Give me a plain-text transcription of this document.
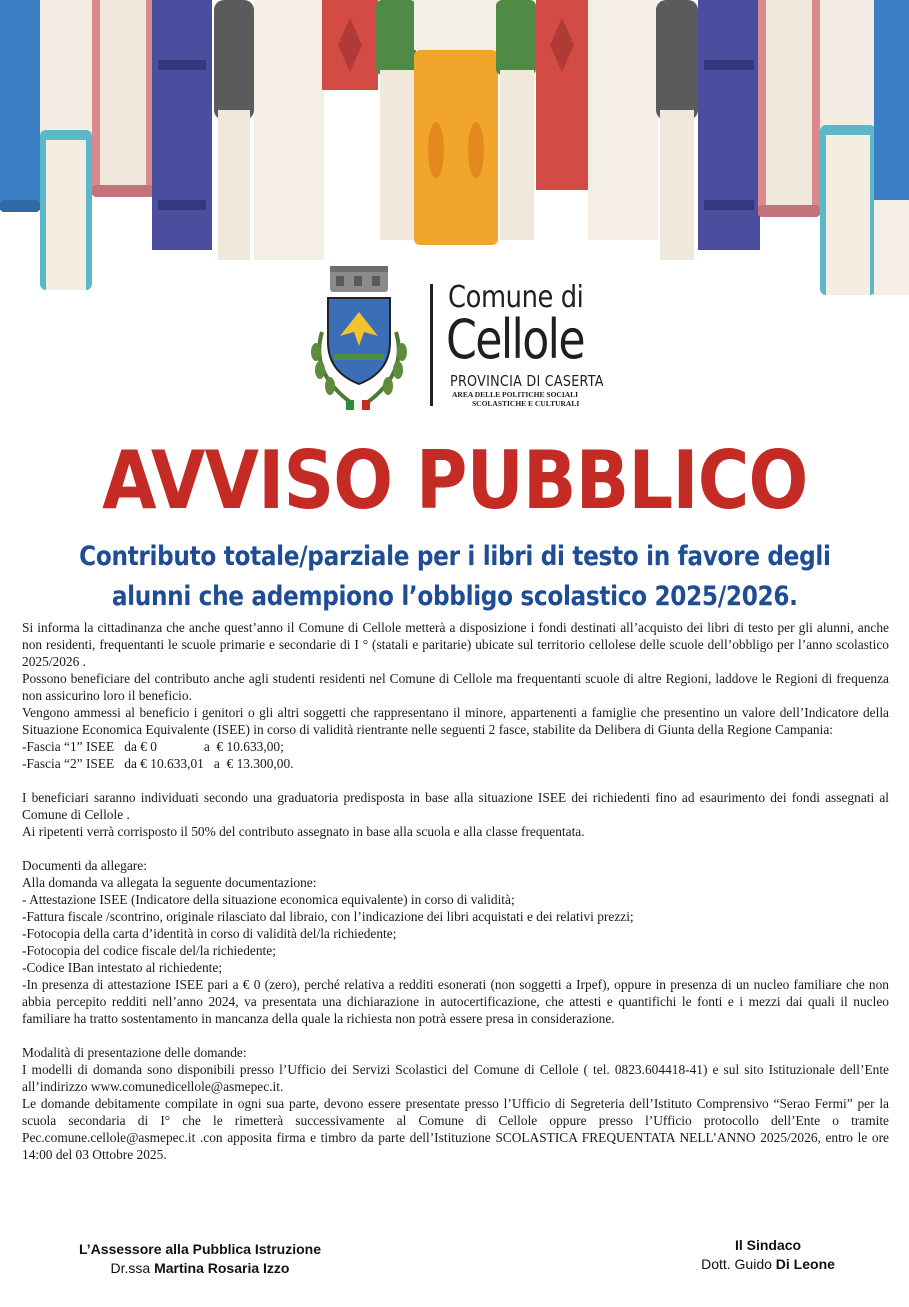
Comune di
Cellole
PROVINCIA DI CASERTA
AREA DELLE POLITICHE SOCIALI
SCOLASTICHE E CULTURALI
AVVISO PUBBLICO
Contributo totale/parziale per i libri di testo in favore degli
alunni che adempiono l’obbligo scolastico 2025/2026.

Si informa la cittadinanza che anche quest’anno il Comune di Cellole metterà a disposizione i fondi destinati all’acquisto dei libri di testo per gli alunni, anche non residenti, frequentanti le scuole primarie e secondarie di I ° (statali e paritarie) ubicate sul territorio cellolese delle scuole dell’obbligo per l’anno scolastico 2025/2026 .

Possono beneficiare del contributo anche agli studenti residenti nel Comune di Cellole ma frequentanti scuole di altre Regioni, laddove le Regioni di frequenza non assicurino loro il beneficio.

Vengono ammessi al beneficio i genitori o gli altri soggetti che rappresentano il minore, appartenenti a famiglie che presentino un valore dell’Indicatore della Situazione Economica Equivalente (ISEE) in corso di validità rientrante nelle seguenti 2 fasce, stabilite da Delibera di Giunta della Regione Campania:

-Fascia “1” ISEE   da € 0              a  € 10.633,00;

-Fascia “2” ISEE   da € 10.633,01   a  € 13.300,00.

I beneficiari saranno individuati secondo una graduatoria predisposta in base alla situazione ISEE dei richiedenti fino ad esaurimento dei fondi assegnati al Comune di Cellole .

Ai ripetenti verrà corrisposto il 50% del contributo assegnato in base alla scuola e alla classe frequentata.

Documenti da allegare:

Alla domanda va allegata la seguente documentazione:

- Attestazione ISEE (Indicatore della situazione economica equivalente) in corso di validità;

-Fattura fiscale /scontrino, originale rilasciato dal libraio, con l’indicazione dei libri acquistati e dei relativi prezzi;

-Fotocopia della carta d’identità in corso di validità del/la richiedente;

-Fotocopia del codice fiscale del/la richiedente;

-Codice IBan intestato al richiedente;

-In presenza di attestazione ISEE pari a € 0 (zero), perché relativa a redditi esonerati (non soggetti a Irpef), oppure in presenza di un nucleo familiare che non abbia percepito redditi nell’anno 2024, va presentata una dichiarazione in autocertificazione, che attesti e quantifichi le fonti e i mezzi dai quali il nucleo familiare ha tratto sostentamento in mancanza della quale la richiesta non potrà essere presa in considerazione.

Modalità di presentazione delle domande:

I modelli di domanda sono disponibili presso l’Ufficio dei Servizi Scolastici del Comune di Cellole ( tel. 0823.604418-41) e sul sito Istituzionale dell’Ente all’indirizzo www.comunedicellole@asmepec.it.

Le domande debitamente compilate in ogni sua parte, devono essere presentate presso l’Ufficio di Segreteria dell’Istituto Comprensivo “Serao Fermi” per la scuola secondaria di I° che le rimetterà successivamente al Comune di Cellole oppure presso l’Ufficio protocollo dell’Ente o tramite Pec.comune.cellole@asmepec.it .con apposita firma e timbro da parte dell’Istituzione SCOLASTICA FREQUENTATA NELL’ANNO 2025/2026, entro le ore 14:00 del 03 Ottobre 2025.

L’Assessore alla Pubblica Istruzione
Dr.ssa Martina Rosaria Izzo
Il Sindaco
Dott. Guido Di Leone
